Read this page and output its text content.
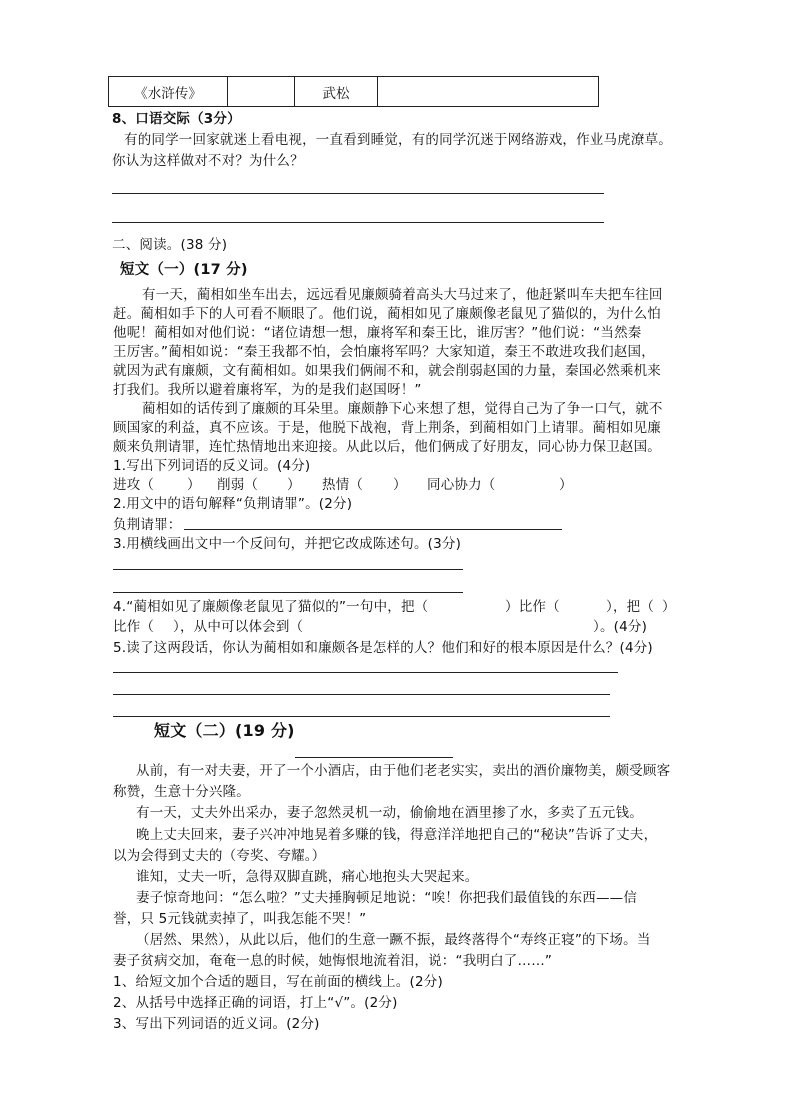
《水浒传》		武松	
8、口语交际（3分）
有的同学一回家就迷上看电视，一直看到睡觉，有的同学沉迷于网络游戏，作业马虎潦草。
你认为这样做对不对？为什么？
二、阅读。(38 分)
短文（一）(17 分)
有一天，蔺相如坐车出去，远远看见廉颇骑着高头大马过来了，他赶紧叫车夫把车往回
赶。蔺相如手下的人可看不顺眼了。他们说，蔺相如见了廉颇像老鼠见了猫似的，为什么怕
他呢！蔺相如对他们说：“诸位请想一想，廉将军和秦王比，谁厉害？”他们说：“当然秦
王厉害。”蔺相如说：“秦王我都不怕，会怕廉将军吗？大家知道，秦王不敢进攻我们赵国，
就因为武有廉颇，文有蔺相如。如果我们俩闹不和，就会削弱赵国的力量，秦国必然乘机来
打我们。我所以避着廉将军，为的是我们赵国呀！”
蔺相如的话传到了廉颇的耳朵里。廉颇静下心来想了想，觉得自己为了争一口气，就不
顾国家的利益，真不应该。于是，他脱下战袍，背上荆条，到蔺相如门上请罪。蔺相如见廉
颇来负荆请罪，连忙热情地出来迎接。从此以后，他们俩成了好朋友，同心协力保卫赵国。
1.写出下列词语的反义词。(4分)
进攻（ ） 削弱（ ） 热情（ ） 同心协力（	）
2.用文中的语句解释“负荆请罪”。(2分)
负荆请罪：
3.用横线画出文中一个反问句，并把它改成陈述句。(3分)
4.“蔺相如见了廉颇像老鼠见了猫似的”一句中，把（	）比作（	），把（ ）
比作（ ），从中可以体会到（	）。(4分)
5.读了这两段话，你认为蔺相如和廉颇各是怎样的人？他们和好的根本原因是什么？(4分)
短文（二）(19 分)
从前，有一对夫妻，开了一个小酒店，由于他们老老实实，卖出的酒价廉物美，颇受顾客
称赞，生意十分兴隆。
有一天，丈夫外出采办，妻子忽然灵机一动，偷偷地在酒里掺了水，多卖了五元钱。
晚上丈夫回来，妻子兴冲冲地晃着多赚的钱，得意洋洋地把自己的“秘诀”告诉了丈夫，
以为会得到丈夫的（夸奖、夸耀。）
谁知，丈夫一听，急得双脚直跳，痛心地抱头大哭起来。
妻子惊奇地问：“怎么啦？”丈夫捶胸顿足地说：“唉！你把我们最值钱的东西——信
誉，只 5元钱就卖掉了，叫我怎能不哭！”
（居然、果然），从此以后，他们的生意一蹶不振，最终落得个“寿终正寝”的下场。当
妻子贫病交加，奄奄一息的时候，她悔恨地流着泪，说：“我明白了……”
1、给短文加个合适的题目，写在前面的横线上。(2分)
2、从括号中选择正确的词语，打上“√”。(2分)
3、写出下列词语的近义词。(2分)
